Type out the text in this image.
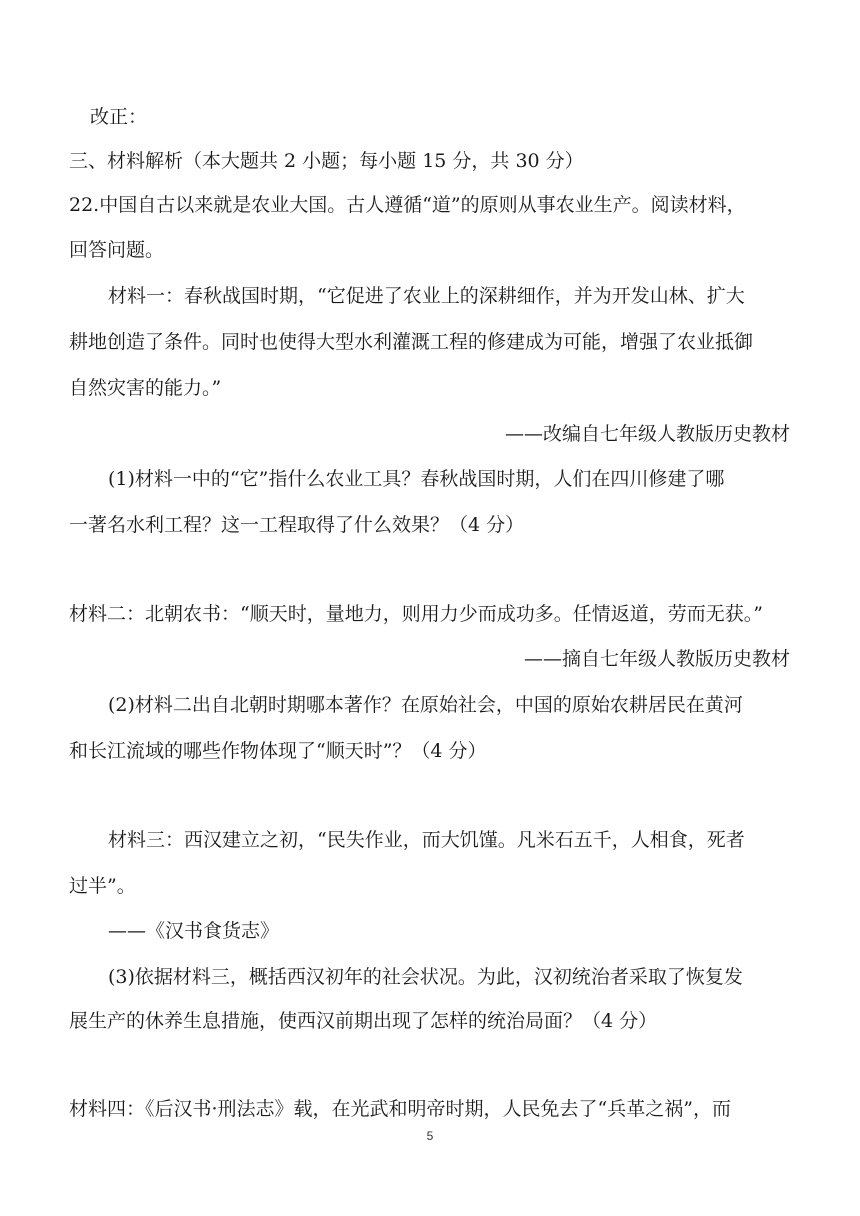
改正：
三、材料解析（本大题共 2 小题；每小题 15 分，共 30 分）
22.中国自古以来就是农业大国。古人遵循“道”的原则从事农业生产。阅读材料，
回答问题。
材料一：春秋战国时期，“它促进了农业上的深耕细作，并为开发山林、扩大
耕地创造了条件。同时也使得大型水利灌溉工程的修建成为可能，增强了农业抵御
自然灾害的能力。”
——改编自七年级人教版历史教材
(1)材料一中的“它”指什么农业工具？春秋战国时期，人们在四川修建了哪
一著名水利工程？这一工程取得了什么效果？（4 分）
材料二：北朝农书：“顺天时，量地力，则用力少而成功多。任情返道，劳而无获。”
——摘自七年级人教版历史教材
(2)材料二出自北朝时期哪本著作？在原始社会，中国的原始农耕居民在黄河
和长江流域的哪些作物体现了“顺天时”？（4 分）
材料三：西汉建立之初，“民失作业，而大饥馑。凡米石五千，人相食，死者
过半”。
——《汉书食货志》
(3)依据材料三，概括西汉初年的社会状况。为此，汉初统治者采取了恢复发
展生产的休养生息措施，使西汉前期出现了怎样的统治局面？（4 分）
材料四：《后汉书·刑法志》载，在光武和明帝时期，人民免去了“兵革之祸”，而
5
